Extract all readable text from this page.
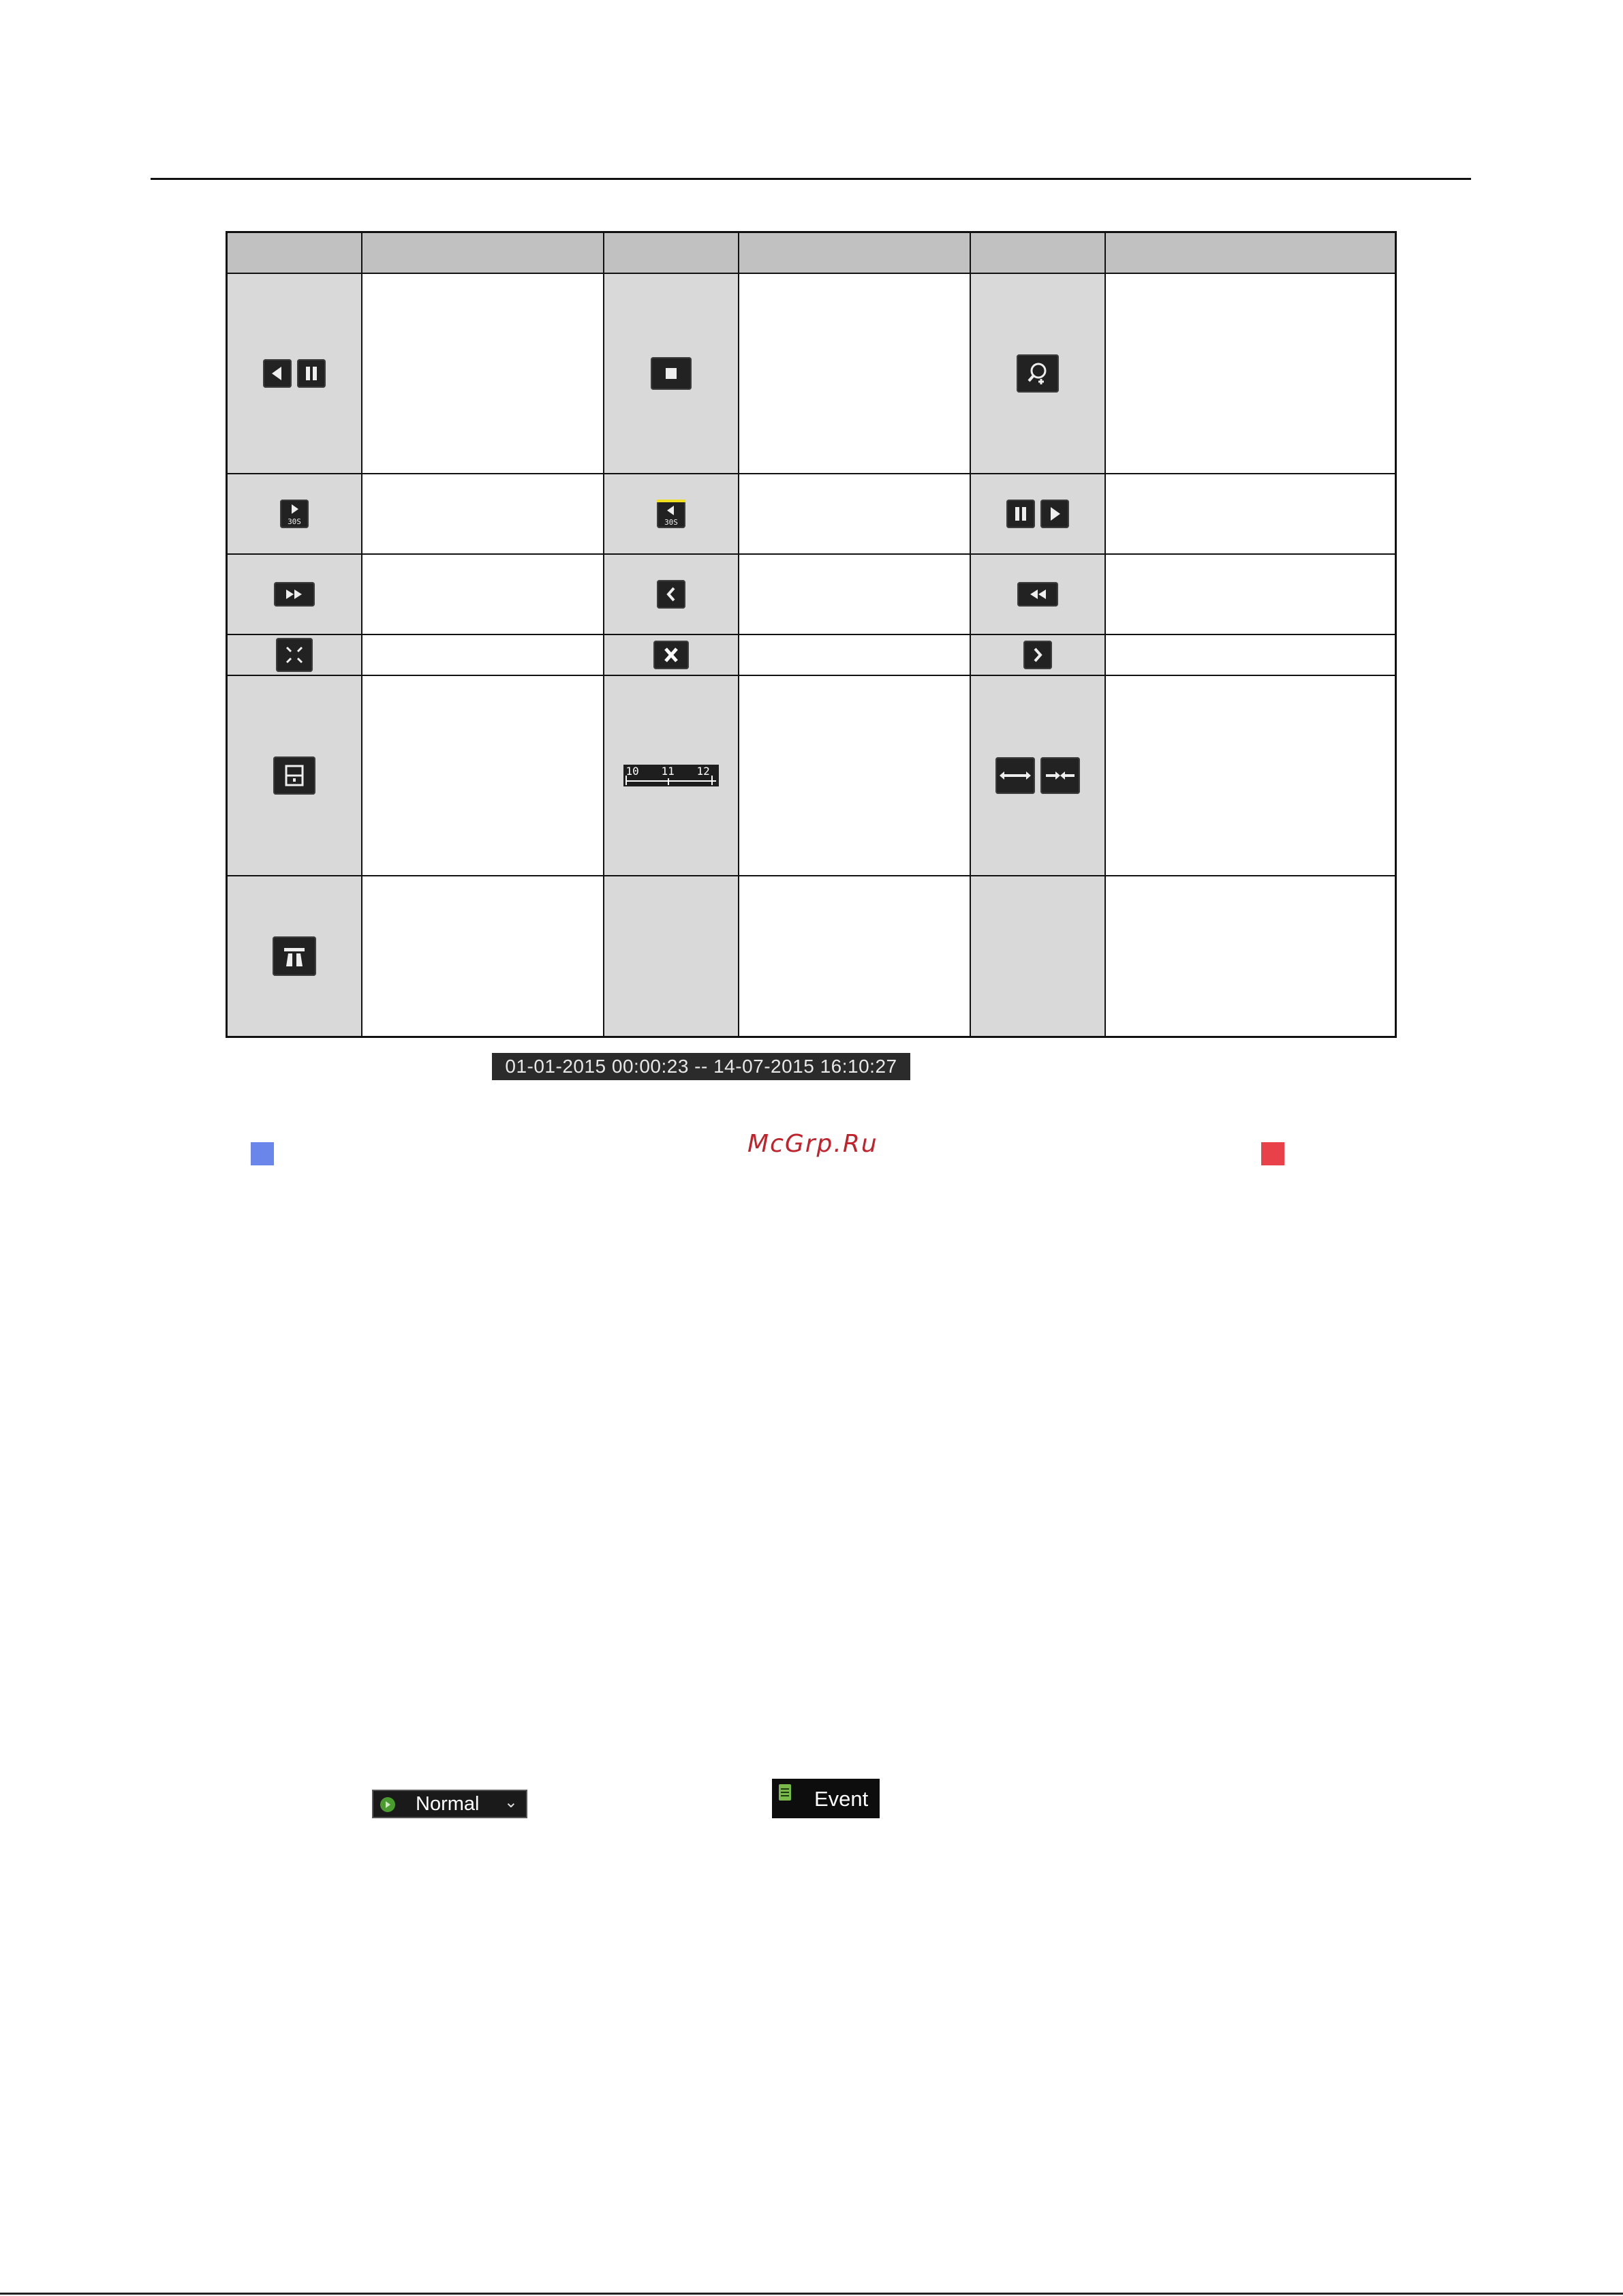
30S		30S

10 11 12

01-01-2015 00:00:23 -- 14-07-2015 16:10:27
McGrp.Ru
Normal ⌄	Event
